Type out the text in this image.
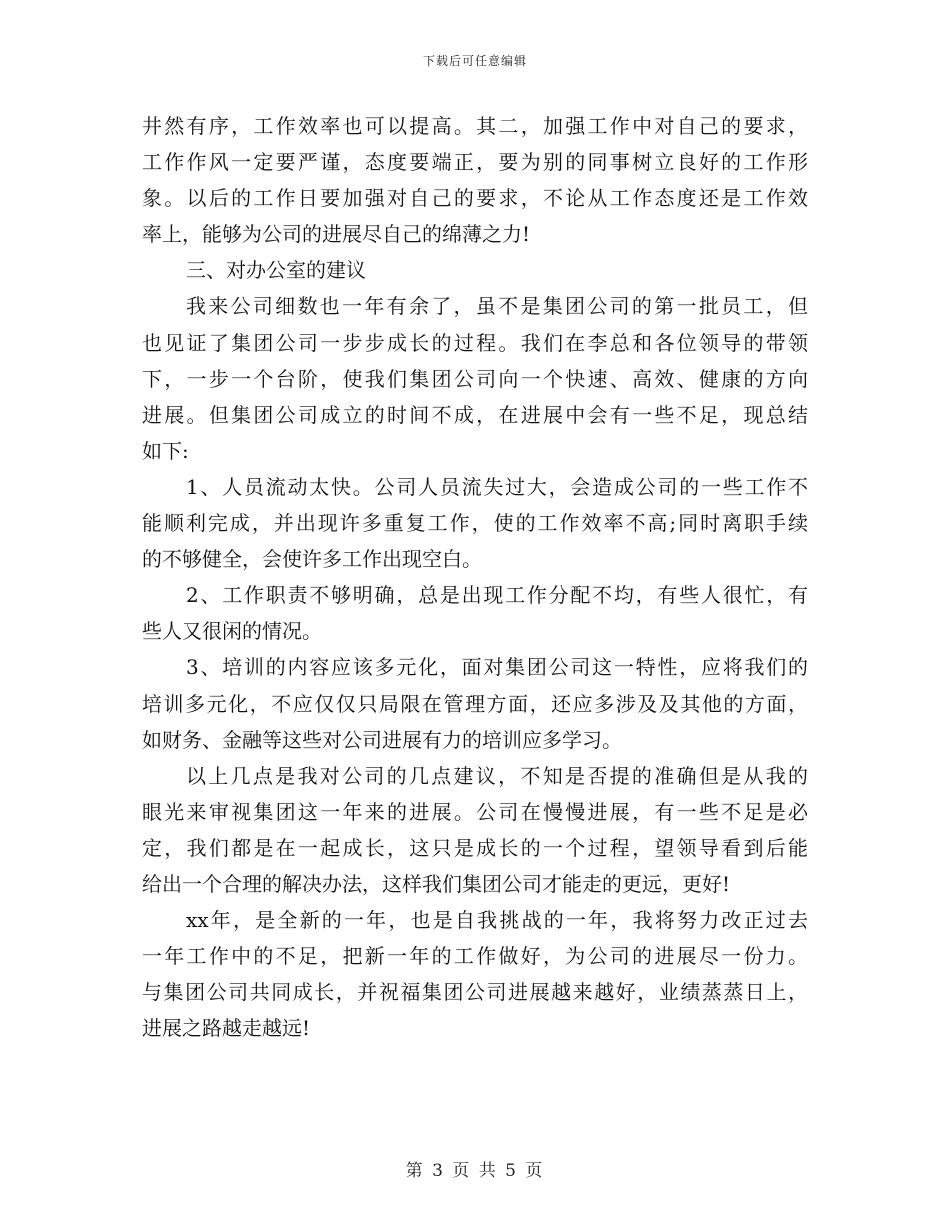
下载后可任意编辑
井然有序，工作效率也可以提高。其二，加强工作中对自己的要求，
工作作风一定要严谨，态度要端正，要为别的同事树立良好的工作形
象。以后的工作日要加强对自己的要求，不论从工作态度还是工作效
率上，能够为公司的进展尽自己的绵薄之力!
三、对办公室的建议
我来公司细数也一年有余了，虽不是集团公司的第一批员工，但
也见证了集团公司一步步成长的过程。我们在李总和各位领导的带领
下，一步一个台阶，使我们集团公司向一个快速、高效、健康的方向
进展。但集团公司成立的时间不成，在进展中会有一些不足，现总结
如下:
1、人员流动太快。公司人员流失过大，会造成公司的一些工作不
能顺利完成，并出现许多重复工作，使的工作效率不高;同时离职手续
的不够健全，会使许多工作出现空白。
2、工作职责不够明确，总是出现工作分配不均，有些人很忙，有
些人又很闲的情况。
3、培训的内容应该多元化，面对集团公司这一特性，应将我们的
培训多元化，不应仅仅只局限在管理方面，还应多涉及及其他的方面，
如财务、金融等这些对公司进展有力的培训应多学习。
以上几点是我对公司的几点建议，不知是否提的准确但是从我的
眼光来审视集团这一年来的进展。公司在慢慢进展，有一些不足是必
定，我们都是在一起成长，这只是成长的一个过程，望领导看到后能
给出一个合理的解决办法，这样我们集团公司才能走的更远，更好!
xx年，是全新的一年，也是自我挑战的一年，我将努力改正过去
一年工作中的不足，把新一年的工作做好，为公司的进展尽一份力。
与集团公司共同成长，并祝福集团公司进展越来越好，业绩蒸蒸日上，
进展之路越走越远!
第 3 页 共 5 页
